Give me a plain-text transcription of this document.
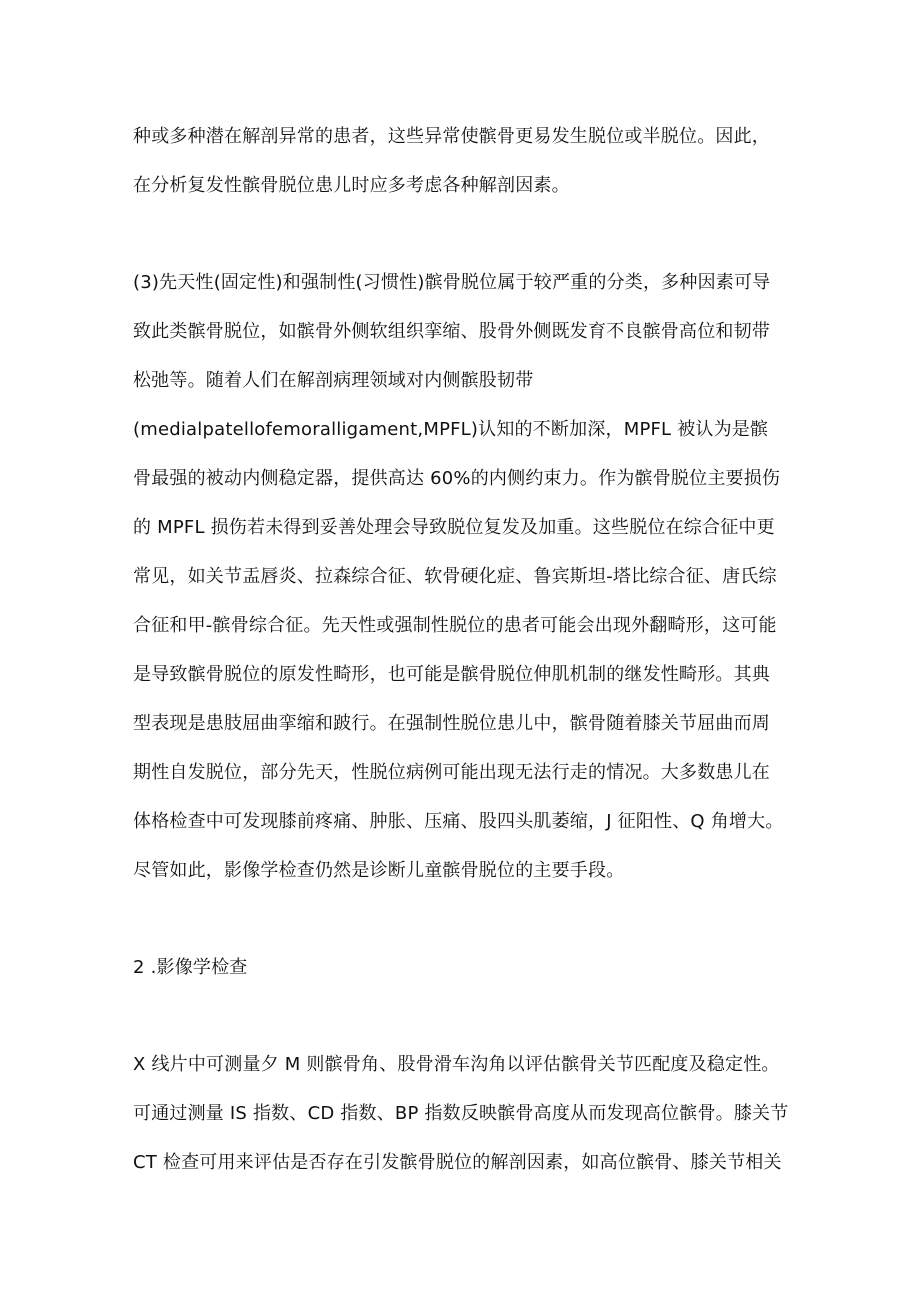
种或多种潜在解剖异常的患者，这些异常使髌骨更易发生脱位或半脱位。因此，

在分析复发性髌骨脱位患儿时应多考虑各种解剖因素。

(3)先天性(固定性)和强制性(习惯性)髌骨脱位属于较严重的分类，多种因素可导

致此类髌骨脱位，如髌骨外侧软组织挛缩、股骨外侧既发育不良髌骨高位和韧带

松弛等。随着人们在解剖病理领域对内侧髌股韧带

(medialpatellofemoralligament,MPFL)认知的不断加深，MPFL 被认为是髌

骨最强的被动内侧稳定器，提供高达 60%的内侧约束力。作为髌骨脱位主要损伤

的 MPFL 损伤若未得到妥善处理会导致脱位复发及加重。这些脱位在综合征中更

常见，如关节盂唇炎、拉森综合征、软骨硬化症、鲁宾斯坦-塔比综合征、唐氏综

合征和甲-髌骨综合征。先天性或强制性脱位的患者可能会出现外翻畸形，这可能

是导致髌骨脱位的原发性畸形，也可能是髌骨脱位伸肌机制的继发性畸形。其典

型表现是患肢屈曲挛缩和跛行。在强制性脱位患儿中，髌骨随着膝关节屈曲而周

期性自发脱位，部分先天，性脱位病例可能出现无法行走的情况。大多数患儿在

体格检查中可发现膝前疼痛、肿胀、压痛、股四头肌萎缩，J 征阳性、Q 角增大。

尽管如此，影像学检查仍然是诊断儿童髌骨脱位的主要手段。

2 .影像学检查

X 线片中可测量夕 M 则髌骨角、股骨滑车沟角以评估髌骨关节匹配度及稳定性。

可通过测量 IS 指数、CD 指数、BP 指数反映髌骨高度从而发现高位髌骨。膝关节

CT 检查可用来评估是否存在引发髌骨脱位的解剖因素，如高位髌骨、膝关节相关
